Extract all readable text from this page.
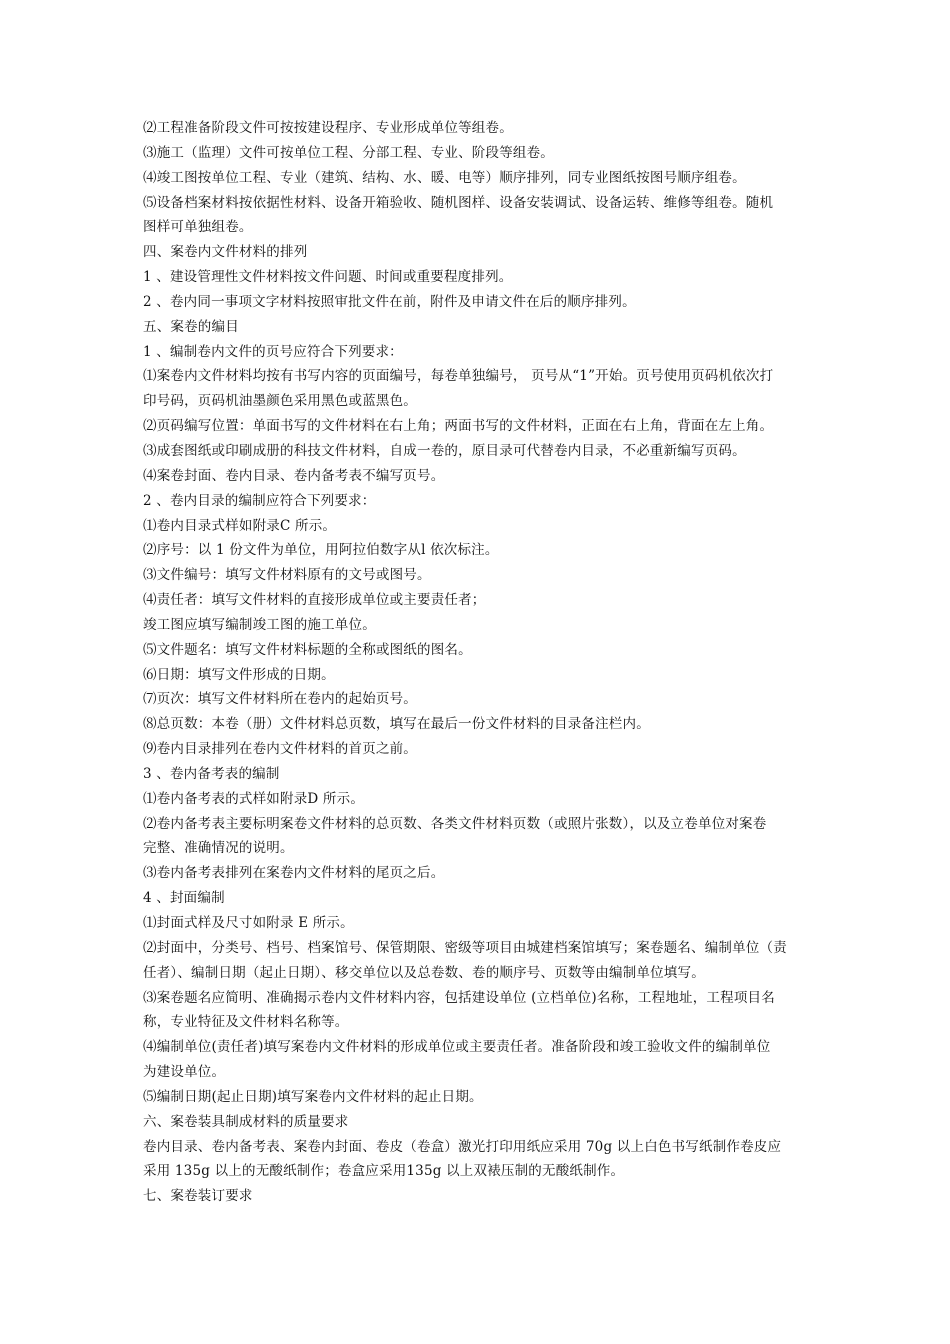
⑵工程准备阶段文件可按按建设程序、专业形成单位等组卷。
⑶施工（监理）文件可按单位工程、分部工程、专业、阶段等组卷。
⑷竣工图按单位工程、专业（建筑、结构、水、暖、电等）顺序排列，同专业图纸按图号顺序组卷。
⑸设备档案材料按依据性材料、设备开箱验收、随机图样、设备安装调试、设备运转、维修等组卷。随机
图样可单独组卷。
四、案卷内文件材料的排列
1 、建设管理性文件材料按文件问题、时间或重要程度排列。
2 、卷内同一事项文字材料按照审批文件在前，附件及申请文件在后的顺序排列。
五、案卷的编目
1 、编制卷内文件的页号应符合下列要求：
⑴案卷内文件材料均按有书写内容的页面编号，每卷单独编号， 页号从“1”开始。页号使用页码机依次打
印号码，页码机油墨颜色采用黑色或蓝黑色。
⑵页码编写位置：单面书写的文件材料在右上角；两面书写的文件材料，正面在右上角，背面在左上角。
⑶成套图纸或印刷成册的科技文件材料，自成一卷的，原目录可代替卷内目录，不必重新编写页码。
⑷案卷封面、卷内目录、卷内备考表不编写页号。
2 、卷内目录的编制应符合下列要求：
⑴卷内目录式样如附录C 所示。
⑵序号：以 1 份文件为单位，用阿拉伯数字从l 依次标注。
⑶文件编号：填写文件材料原有的文号或图号。
⑷责任者：填写文件材料的直接形成单位或主要责任者；
竣工图应填写编制竣工图的施工单位。
⑸文件题名：填写文件材料标题的全称或图纸的图名。
⑹日期：填写文件形成的日期。
⑺页次：填写文件材料所在卷内的起始页号。
⑻总页数：本卷（册）文件材料总页数，填写在最后一份文件材料的目录备注栏内。
⑼卷内目录排列在卷内文件材料的首页之前。
3 、卷内备考表的编制
⑴卷内备考表的式样如附录D 所示。
⑵卷内备考表主要标明案卷文件材料的总页数、各类文件材料页数（或照片张数），以及立卷单位对案卷
完整、准确情况的说明。
⑶卷内备考表排列在案卷内文件材料的尾页之后。
4 、封面编制
⑴封面式样及尺寸如附录 E 所示。
⑵封面中，分类号、档号、档案馆号、保管期限、密级等项目由城建档案馆填写；案卷题名、编制单位（责
任者）、编制日期（起止日期）、移交单位以及总卷数、卷的顺序号、页数等由编制单位填写。
⑶案卷题名应简明、准确揭示卷内文件材料内容，包括建设单位 (立档单位)名称，工程地址，工程项目名
称，专业特征及文件材料名称等。
⑷编制单位(责任者)填写案卷内文件材料的形成单位或主要责任者。准备阶段和竣工验收文件的编制单位
为建设单位。
⑸编制日期(起止日期)填写案卷内文件材料的起止日期。
六、案卷装具制成材料的质量要求
卷内目录、卷内备考表、案卷内封面、卷皮（卷盒）激光打印用纸应采用 70g 以上白色书写纸制作卷皮应
采用 135g 以上的无酸纸制作；卷盒应采用135g 以上双裱压制的无酸纸制作。
七、案卷装订要求
